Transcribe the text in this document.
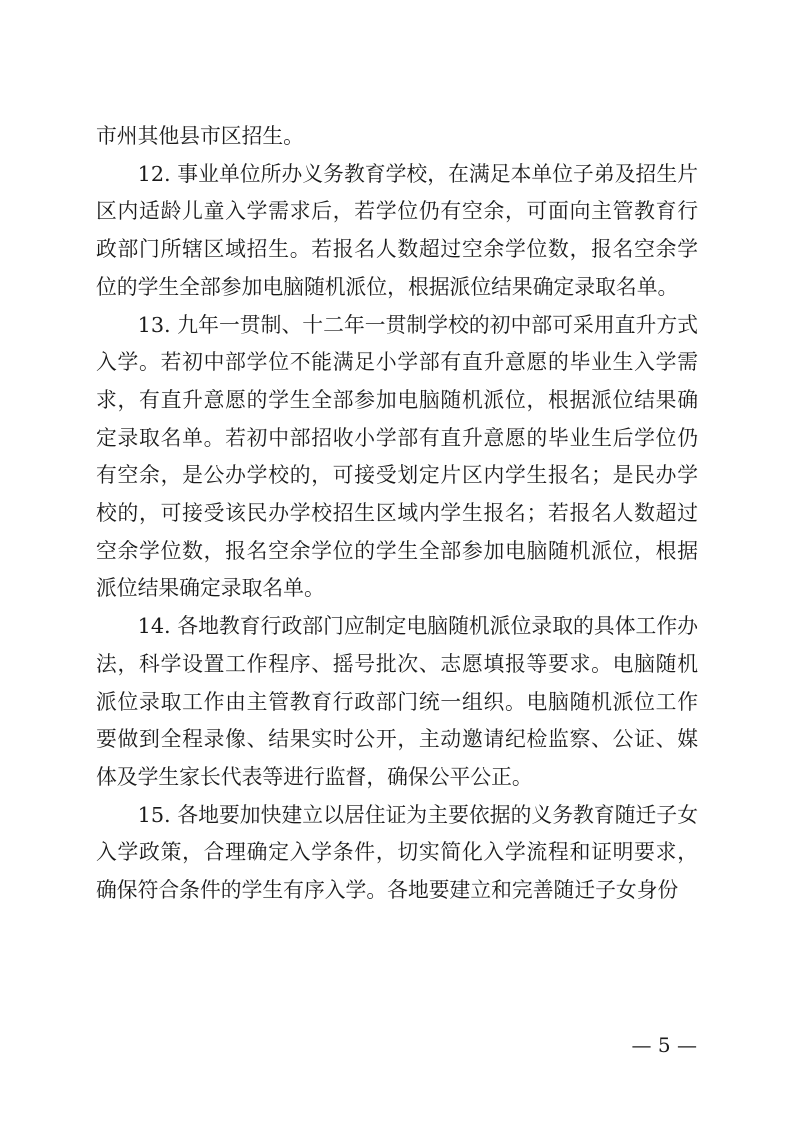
市州其他县市区招生。

12. 事业单位所办义务教育学校，在满足本单位子弟及招生片区内适龄儿童入学需求后，若学位仍有空余，可面向主管教育行政部门所辖区域招生。若报名人数超过空余学位数，报名空余学位的学生全部参加电脑随机派位，根据派位结果确定录取名单。

13. 九年一贯制、十二年一贯制学校的初中部可采用直升方式入学。若初中部学位不能满足小学部有直升意愿的毕业生入学需求，有直升意愿的学生全部参加电脑随机派位，根据派位结果确定录取名单。若初中部招收小学部有直升意愿的毕业生后学位仍有空余，是公办学校的，可接受划定片区内学生报名；是民办学校的，可接受该民办学校招生区域内学生报名；若报名人数超过空余学位数，报名空余学位的学生全部参加电脑随机派位，根据派位结果确定录取名单。

14. 各地教育行政部门应制定电脑随机派位录取的具体工作办法，科学设置工作程序、摇号批次、志愿填报等要求。电脑随机派位录取工作由主管教育行政部门统一组织。电脑随机派位工作要做到全程录像、结果实时公开，主动邀请纪检监察、公证、媒体及学生家长代表等进行监督，确保公平公正。

15. 各地要加快建立以居住证为主要依据的义务教育随迁子女入学政策，合理确定入学条件，切实简化入学流程和证明要求，确保符合条件的学生有序入学。各地要建立和完善随迁子女身份

— 5 —
